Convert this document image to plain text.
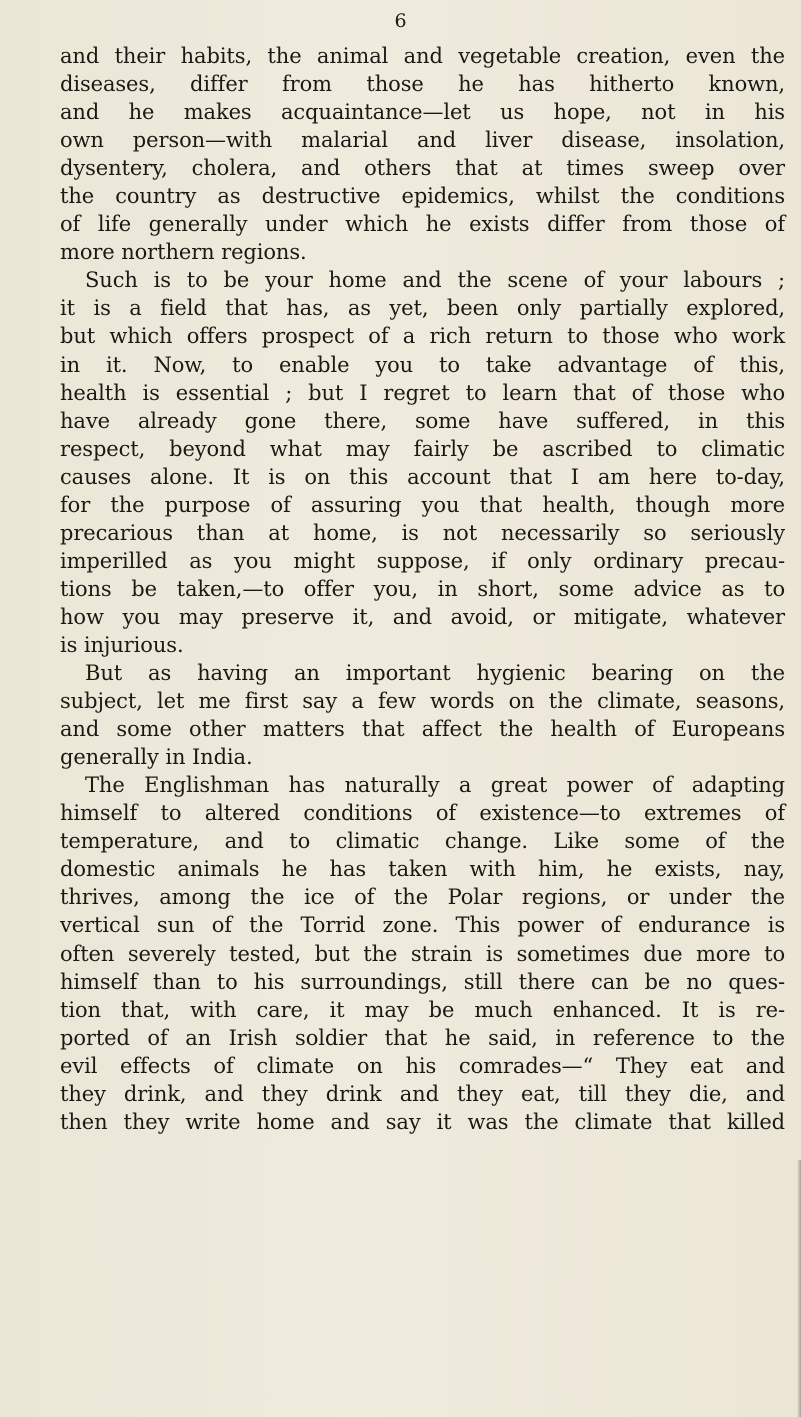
6
and their habits, the animal and vegetable creation, even the
diseases, differ from those he has hitherto known,
and he makes acquaintance—let us hope, not in his
own person—with malarial and liver disease, insolation,
dysentery, cholera, and others that at times sweep over
the country as destructive epidemics, whilst the conditions
of life generally under which he exists differ from those of
more northern regions.
Such is to be your home and the scene of your labours ;
it is a field that has, as yet, been only partially explored,
but which offers prospect of a rich return to those who work
in it. Now, to enable you to take advantage of this,
health is essential ; but I regret to learn that of those who
have already gone there, some have suffered, in this
respect, beyond what may fairly be ascribed to climatic
causes alone. It is on this account that I am here to-day,
for the purpose of assuring you that health, though more
precarious than at home, is not necessarily so seriously
imperilled as you might suppose, if only ordinary precau-
tions be taken,—to offer you, in short, some advice as to
how you may preserve it, and avoid, or mitigate, whatever
is injurious.
But as having an important hygienic bearing on the
subject, let me first say a few words on the climate, seasons,
and some other matters that affect the health of Europeans
generally in India.
The Englishman has naturally a great power of adapting
himself to altered conditions of existence—to extremes of
temperature, and to climatic change. Like some of the
domestic animals he has taken with him, he exists, nay,
thrives, among the ice of the Polar regions, or under the
vertical sun of the Torrid zone. This power of endurance is
often severely tested, but the strain is sometimes due more to
himself than to his surroundings, still there can be no ques-
tion that, with care, it may be much enhanced. It is re-
ported of an Irish soldier that he said, in reference to the
evil effects of climate on his comrades—“ They eat and
they drink, and they drink and they eat, till they die, and
then they write home and say it was the climate that killed
